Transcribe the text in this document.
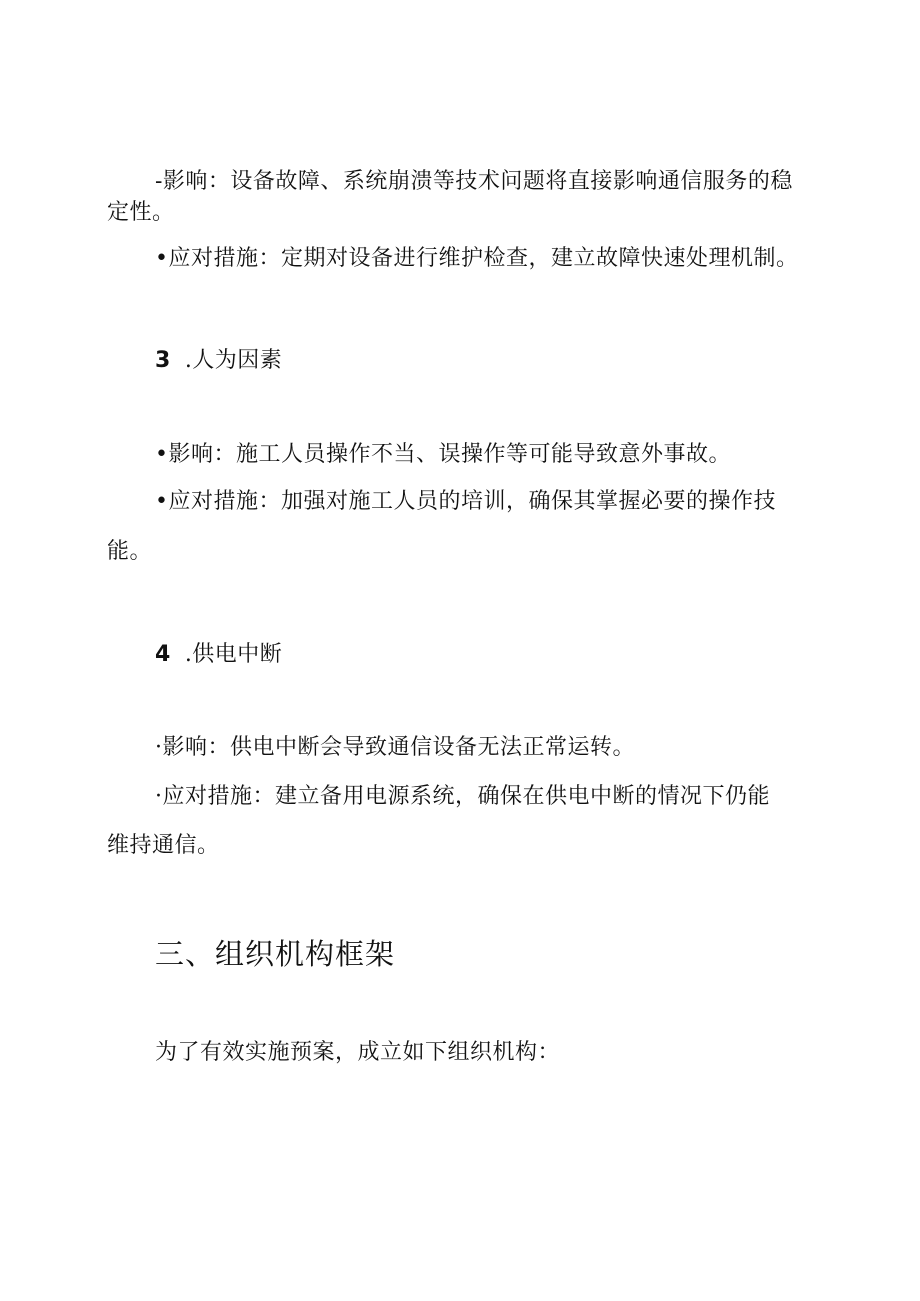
-影响：设备故障、系统崩溃等技术问题将直接影响通信服务的稳
定性。
•应对措施：定期对设备进行维护检查，建立故障快速处理机制。
3 .人为因素
•影响：施工人员操作不当、误操作等可能导致意外事故。
•应对措施：加强对施工人员的培训，确保其掌握必要的操作技
能。
4 .供电中断
·影响：供电中断会导致通信设备无法正常运转。
·应对措施：建立备用电源系统，确保在供电中断的情况下仍能
维持通信。
三、组织机构框架
为了有效实施预案，成立如下组织机构：
